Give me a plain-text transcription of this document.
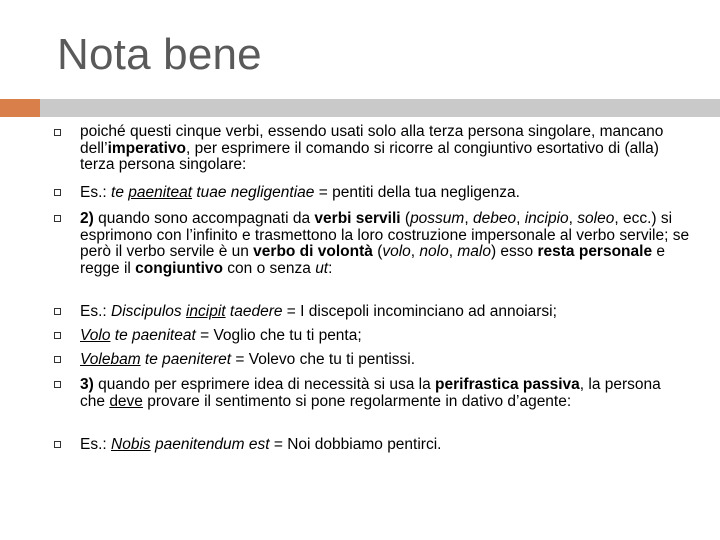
Nota bene
poiché questi cinque verbi, essendo usati solo alla terza persona singolare, mancano dell’imperativo, per esprimere il comando si ricorre al congiuntivo esortativo di (alla) terza persona singolare:
Es.: te paeniteat tuae negligentiae = pentiti della tua negligenza.
2) quando sono accompagnati da verbi servili (possum, debeo, incipio, soleo, ecc.) si esprimono con l’infinito e trasmettono la loro costruzione impersonale al verbo servile; se però il verbo servile è un verbo di volontà (volo, nolo, malo) esso resta personale e regge il congiuntivo con o senza ut:
Es.: Discipulos incipit taedere = I discepoli incominciano ad annoiarsi;
Volo te paeniteat = Voglio che tu ti penta;
Volebam te paeniteret = Volevo che tu ti pentissi.
3) quando per esprimere idea di necessità si usa la perifrastica passiva, la persona che deve provare il sentimento si pone regolarmente in dativo d’agente:
Es.: Nobis paenitendum est = Noi dobbiamo pentirci.
